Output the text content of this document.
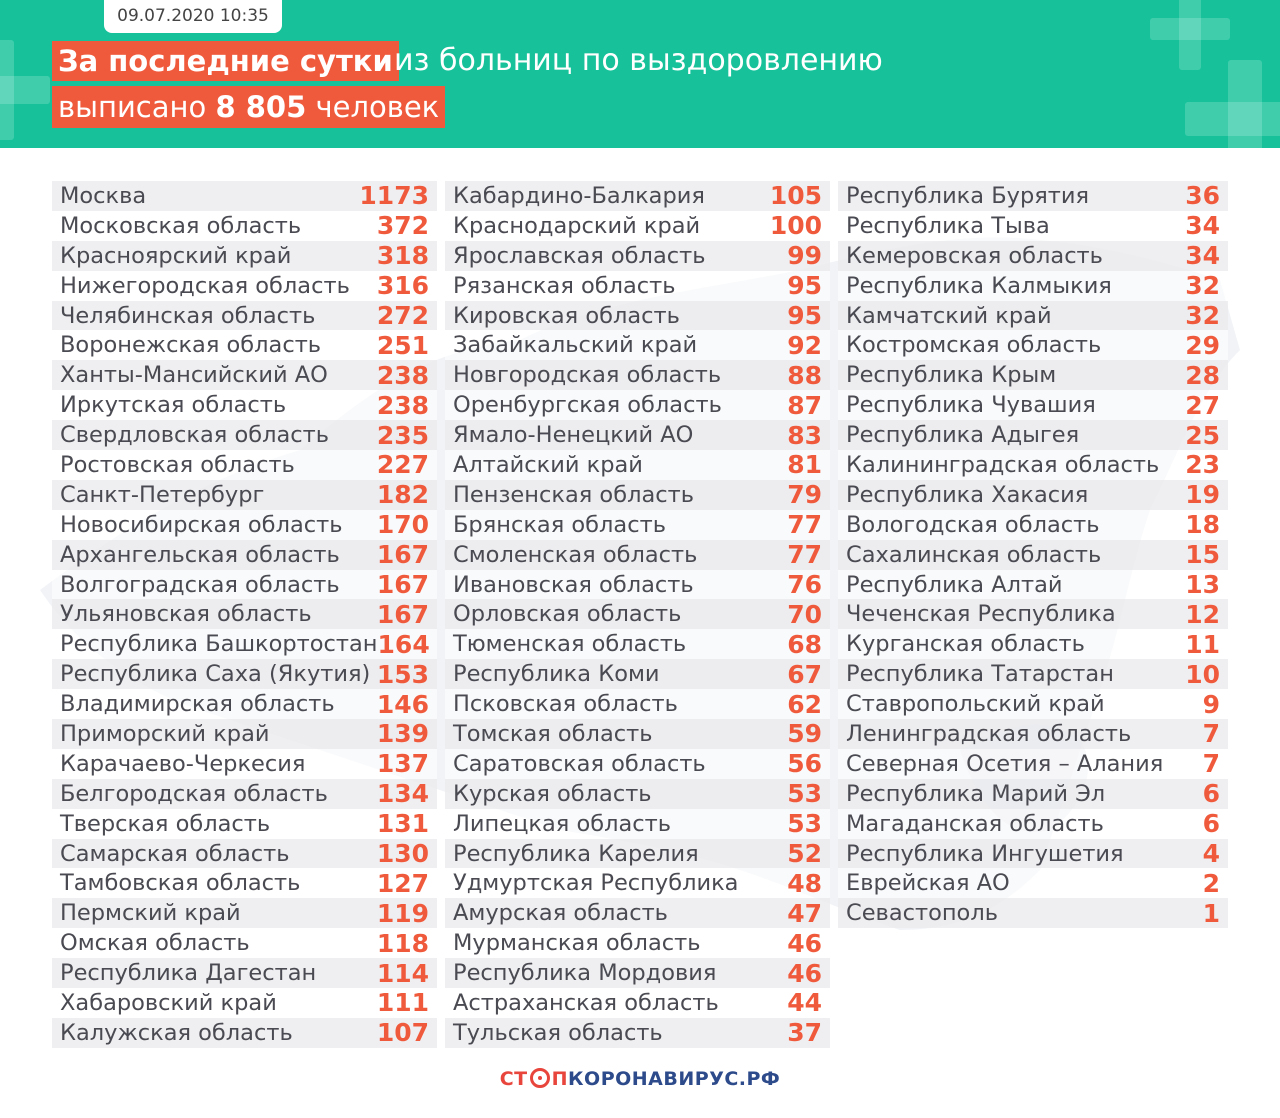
09.07.2020 10:35
За последние сутки из больниц по выздоровлению
выписано 8 805 человек
Москва	1173
Московская область	372
Красноярский край	318
Нижегородская область 316
Челябинская область 272
Воронежская область 251
Ханты-Мансийский АО 238
Иркутская область	238
Свердловская область 235
Ростовская область	227
Санкт-Петербург	182
Новосибирская область 170
Архангельская область 167
Волгоградская область 167
Ульяновская область	167
Республика Башкортостан 164
Республика Саха (Якутия) 153
Владимирская область 146
Приморский край	139
Карачаево-Черкесия	137
Белгородская область 134
Тверская область	131
Самарская область	130
Тамбовская область	127
Пермский край	119
Омская область	118
Республика Дагестан 114
Хабаровский край	111
Калужская область	107
Кабардино-Балкария	105
Краснодарский край	100
Ярославская область	99
Рязанская область	95
Кировская область	95
Забайкальский край	92
Новгородская область	88
Оренбургская область	87
Ямало-Ненецкий АО	83
Алтайский край	81
Пензенская область	79
Брянская область	77
Смоленская область	77
Ивановская область	76
Орловская область	70
Тюменская область	68
Республика Коми	67
Псковская область	62
Томская область	59
Саратовская область	56
Курская область	53
Липецкая область	53
Республика Карелия	52
Удмуртская Республика 48
Амурская область	47
Мурманская область	46
Республика Мордовия	46
Астраханская область	44
Тульская область	37
Республика Бурятия	36
Республика Тыва	34
Кемеровская область	34
Республика Калмыкия	32
Камчатский край	32
Костромская область	29
Республика Крым	28
Республика Чувашия	27
Республика Адыгея	25
Калининградская область 23
Республика Хакасия	19
Вологодская область	18
Сахалинская область	15
Республика Алтай	13
Чеченская Республика	12
Курганская область	11
Республика Татарстан	10
Ставропольский край	9
Ленинградская область	7
Северная Осетия – Алания 7
Республика Марий Эл	6
Магаданская область	6
Республика Ингушетия	4
Еврейская АО	2
Севастополь	1
СТ ПКОРОНАВИРУС.РФ
